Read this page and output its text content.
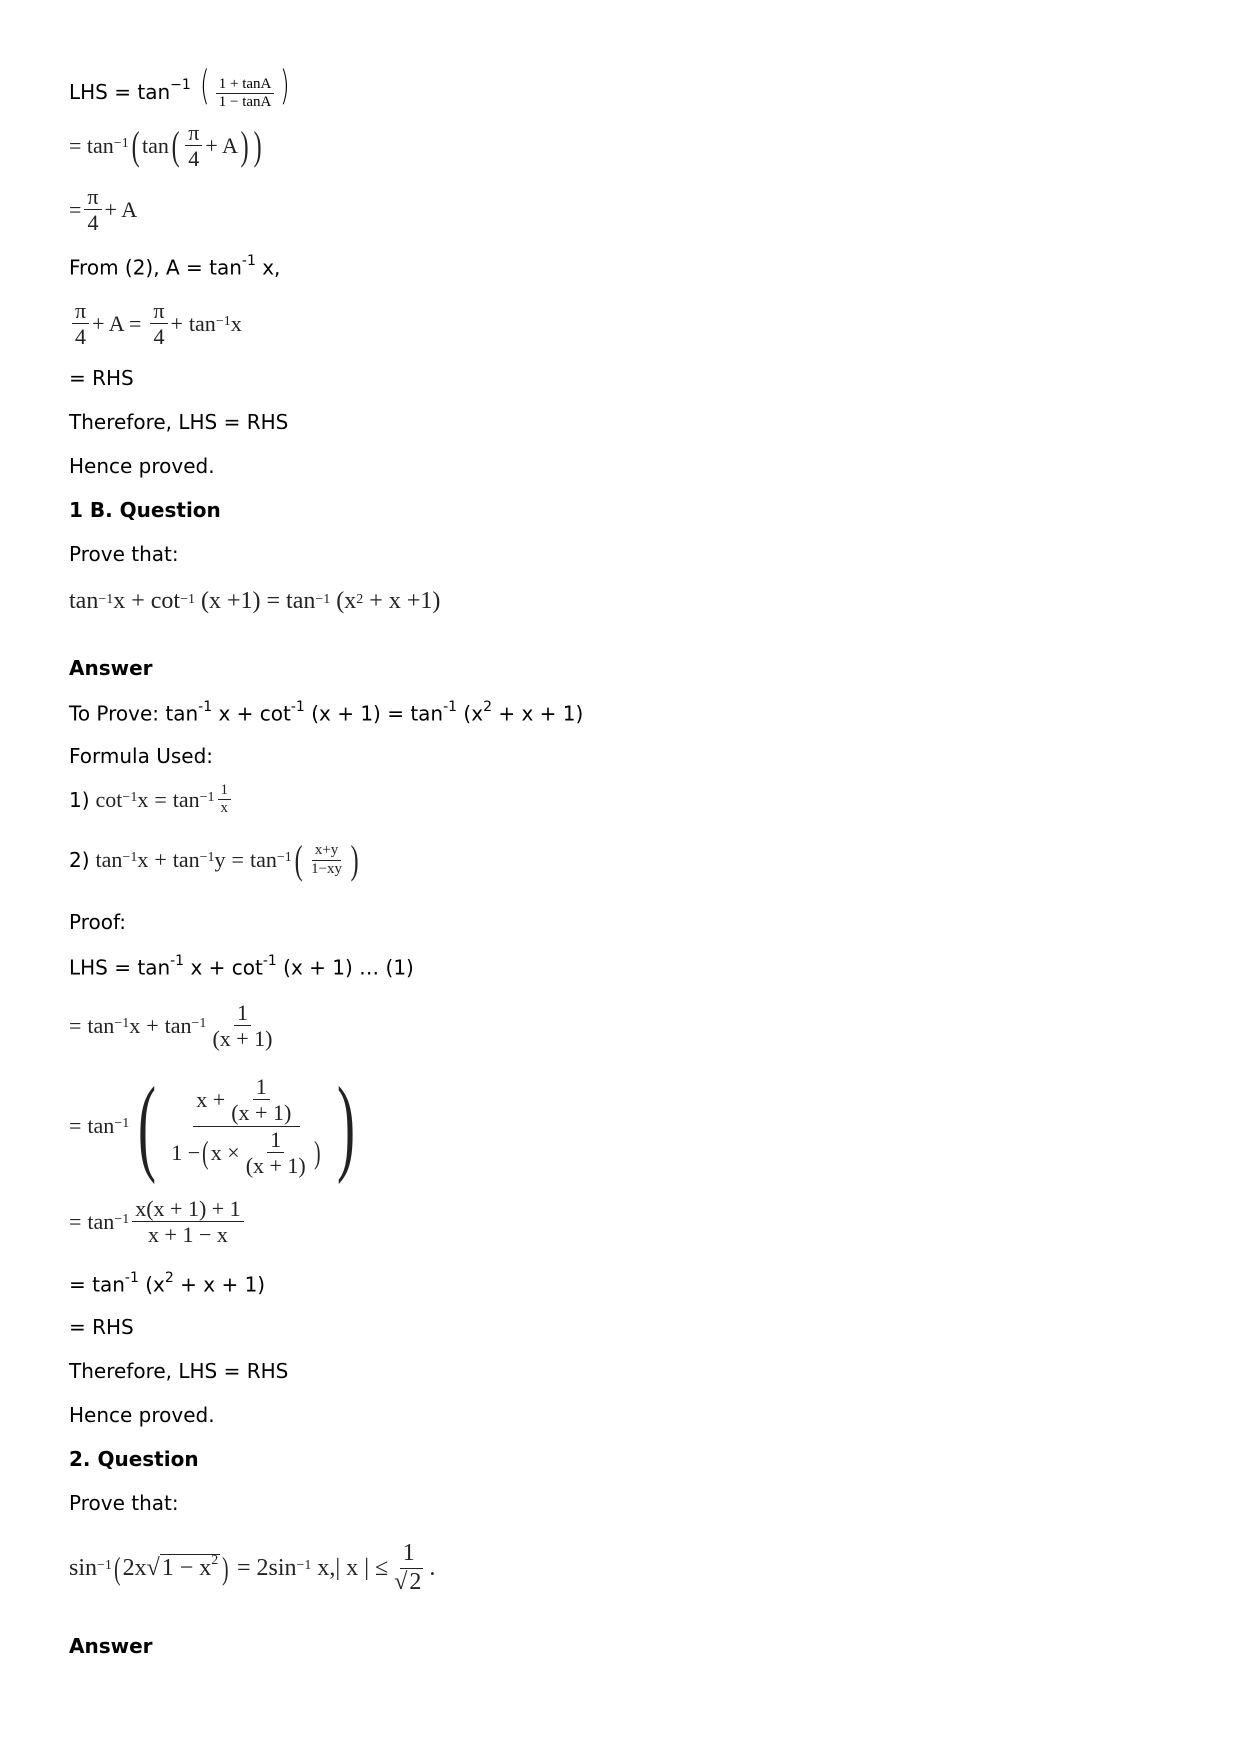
LHS = $\tan^{-1}$ ( $\frac{1 + \tan A}{1 - \tan A}$ )
= tan −1 ( tan ( $\frac{\pi}{4} + A$ ) )
= $\frac{\pi}{4} + A$
From (2), $A = \tan^{-1} x$,
$\frac{\pi}{4} + A = \frac{\pi}{4} + \tan -1$ x
= RHS
Therefore, LHS = RHS
Hence proved.
1 B. Question
Prove that:
tan −1 x + cot −1 (x +1) = tan −1 (x 2 + x +1)
Answer
To Prove: $\tan^{-1} x + \cot^{-1} (x + 1) = \tan^{-1} (x^2 + x + 1)$
Formula Used:
1) cot −1 $x = \tan -1 \frac{1}{x}$
2) tan −1 x + tan −1 y = tan −1 ( $\frac{x+y}{1-xy}$ )
Proof:
LHS = $\tan^{-1} x + \cot^{-1} (x + 1)$ … (1)
= tan −1 $x + \tan -1 \frac{1}{(x + 1)}$
= tan −1 ( $\frac{x + \frac{1}{(x + 1)}}{1 - ( x \times \frac{1}{(x + 1)} )}$ )
= $\tan -1 \frac{x(x + 1) + 1}{x + 1 - x}$
= $\tan^{-1} (x^2 + x + 1)$
= RHS
Therefore, LHS = RHS
Hence proved.
2. Question
Prove that:
sin −1 ( 2x √ $1 - x^2$ ) = 2sin −1 x,| x | ≤ $\frac{1}{√2}$ .
Answer
